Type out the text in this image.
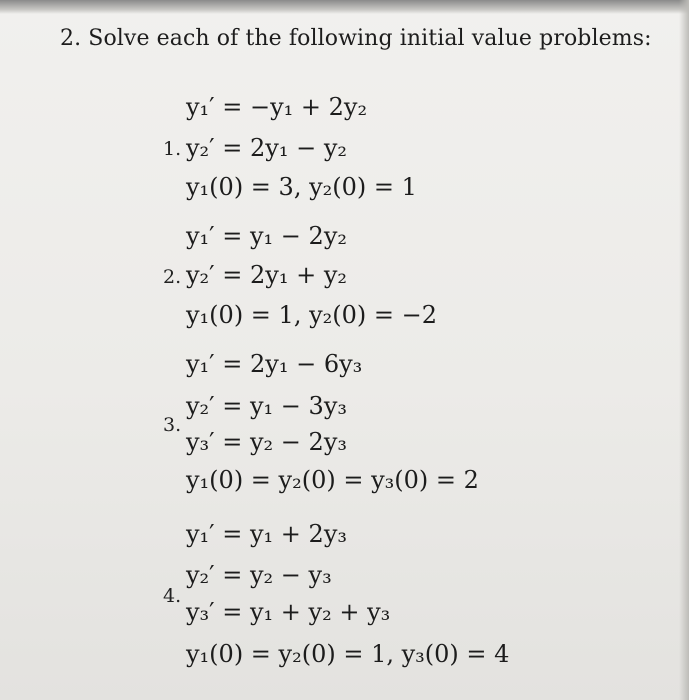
2. Solve each of the following initial value problems:
1.
y₁′ = −y₁ + 2y₂
y₂′ = 2y₁ − y₂
y₁(0) = 3, y₂(0) = 1
2.
y₁′ = y₁ − 2y₂
y₂′ = 2y₁ + y₂
y₁(0) = 1, y₂(0) = −2
3.
y₁′ = 2y₁ − 6y₃
y₂′ = y₁ − 3y₃
y₃′ = y₂ − 2y₃
y₁(0) = y₂(0) = y₃(0) = 2
4.
y₁′ = y₁ + 2y₃
y₂′ = y₂ − y₃
y₃′ = y₁ + y₂ + y₃
y₁(0) = y₂(0) = 1, y₃(0) = 4
